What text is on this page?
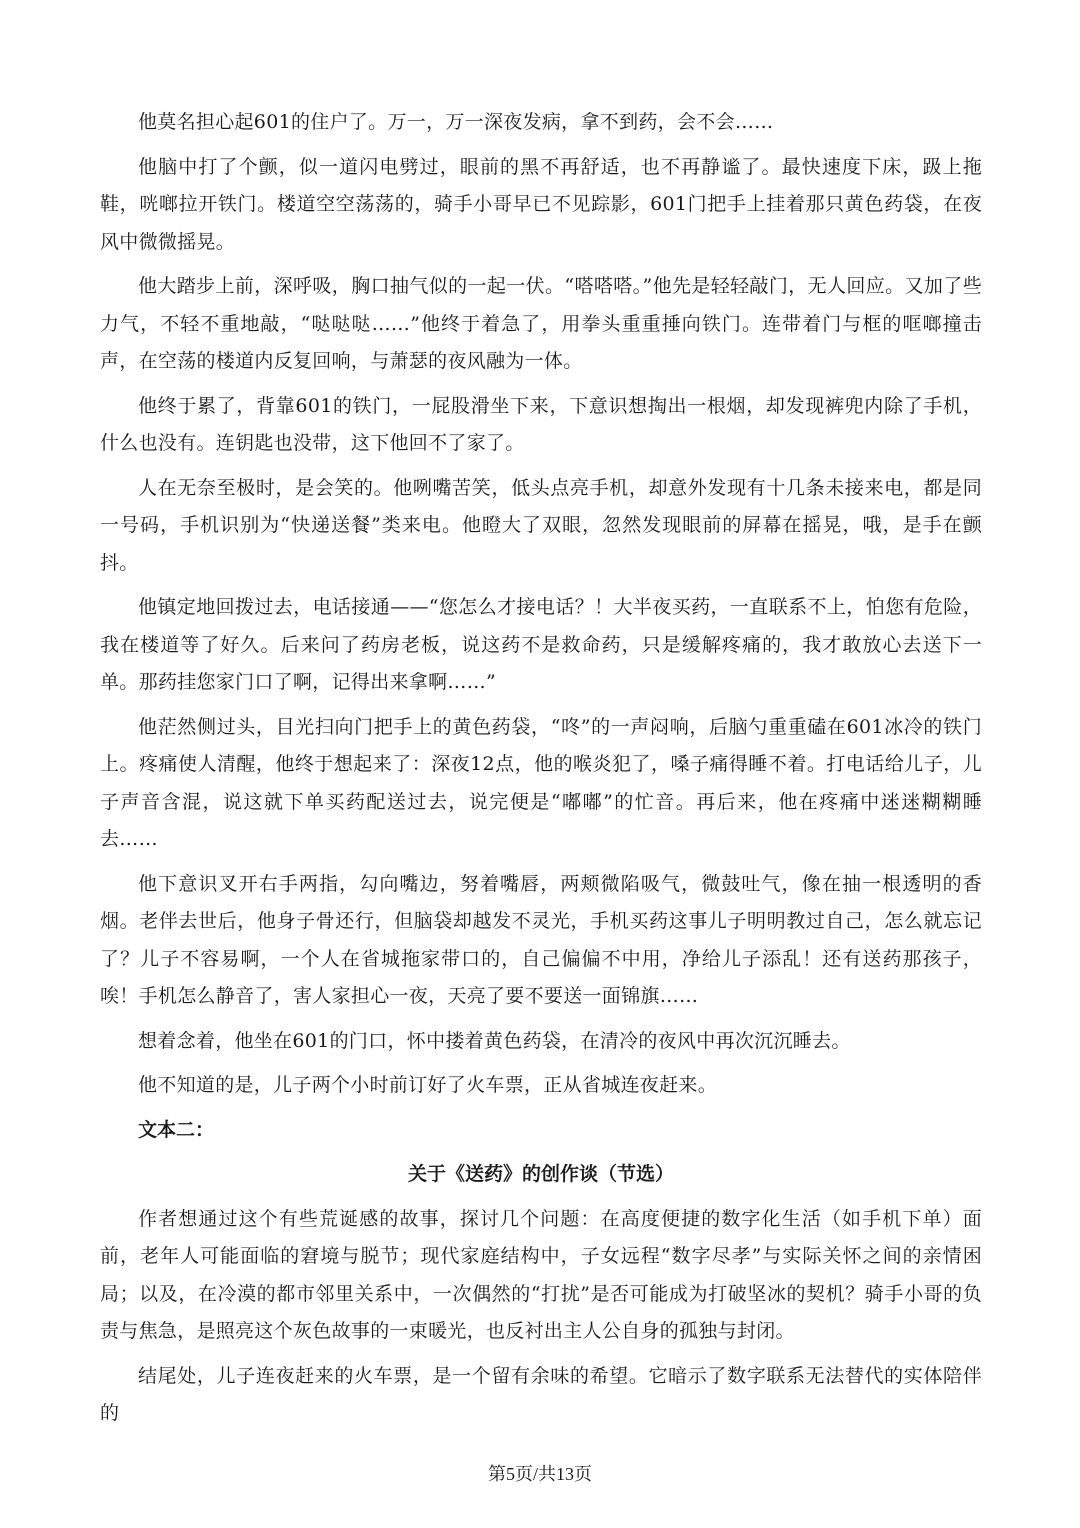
他莫名担心起601的住户了。万一，万一深夜发病，拿不到药，会不会……

他脑中打了个颤，似一道闪电劈过，眼前的黑不再舒适，也不再静谧了。最快速度下床，趿上拖鞋，咣啷拉开铁门。楼道空空荡荡的，骑手小哥早已不见踪影，601门把手上挂着那只黄色药袋，在夜风中微微摇晃。

他大踏步上前，深呼吸，胸口抽气似的一起一伏。“嗒嗒嗒。”他先是轻轻敲门，无人回应。又加了些力气，不轻不重地敲，“哒哒哒……”他终于着急了，用拳头重重捶向铁门。连带着门与框的哐啷撞击声，在空荡的楼道内反复回响，与萧瑟的夜风融为一体。

他终于累了，背靠601的铁门，一屁股滑坐下来，下意识想掏出一根烟，却发现裤兜内除了手机，什么也没有。连钥匙也没带，这下他回不了家了。

人在无奈至极时，是会笑的。他咧嘴苦笑，低头点亮手机，却意外发现有十几条未接来电，都是同一号码，手机识别为“快递送餐”类来电。他瞪大了双眼，忽然发现眼前的屏幕在摇晃，哦，是手在颤抖。

他镇定地回拨过去，电话接通——“您怎么才接电话？！大半夜买药，一直联系不上，怕您有危险，我在楼道等了好久。后来问了药房老板，说这药不是救命药，只是缓解疼痛的，我才敢放心去送下一单。那药挂您家门口了啊，记得出来拿啊……”

他茫然侧过头，目光扫向门把手上的黄色药袋，“咚”的一声闷响，后脑勺重重磕在601冰冷的铁门上。疼痛使人清醒，他终于想起来了：深夜12点，他的喉炎犯了，嗓子痛得睡不着。打电话给儿子，儿子声音含混，说这就下单买药配送过去，说完便是“嘟嘟”的忙音。再后来，他在疼痛中迷迷糊糊睡去……

他下意识叉开右手两指，勾向嘴边，努着嘴唇，两颊微陷吸气，微鼓吐气，像在抽一根透明的香烟。老伴去世后，他身子骨还行，但脑袋却越发不灵光，手机买药这事儿子明明教过自己，怎么就忘记了？儿子不容易啊，一个人在省城拖家带口的，自己偏偏不中用，净给儿子添乱！还有送药那孩子，唉！手机怎么静音了，害人家担心一夜，天亮了要不要送一面锦旗……

想着念着，他坐在601的门口，怀中搂着黄色药袋，在清冷的夜风中再次沉沉睡去。

他不知道的是，儿子两个小时前订好了火车票，正从省城连夜赶来。

文本二：

关于《送药》的创作谈（节选）

作者想通过这个有些荒诞感的故事，探讨几个问题：在高度便捷的数字化生活（如手机下单）面前，老年人可能面临的窘境与脱节；现代家庭结构中，子女远程“数字尽孝”与实际关怀之间的亲情困局；以及，在冷漠的都市邻里关系中，一次偶然的“打扰”是否可能成为打破坚冰的契机？骑手小哥的负责与焦急，是照亮这个灰色故事的一束暖光，也反衬出主人公自身的孤独与封闭。

结尾处，儿子连夜赶来的火车票，是一个留有余味的希望。它暗示了数字联系无法替代的实体陪伴的

第5页/共13页
